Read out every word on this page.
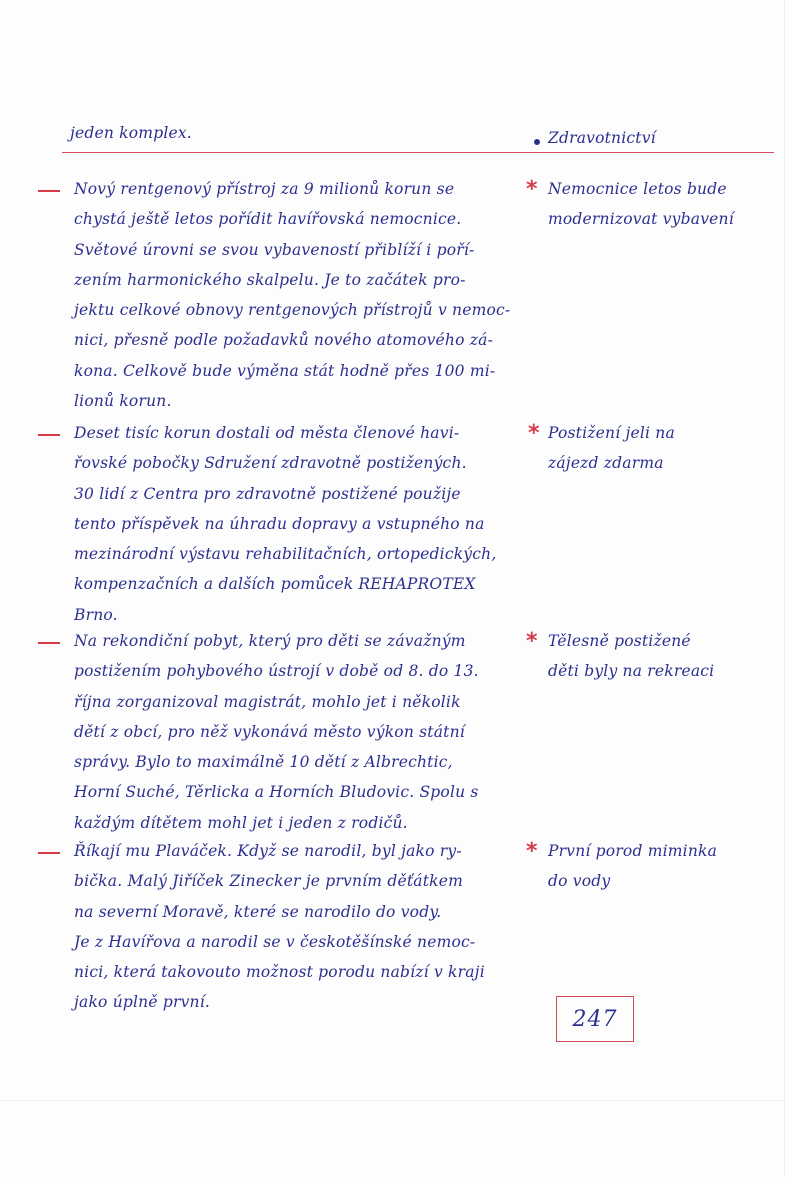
jeden komplex.	Zdravotnictví
Nový rentgenový přístroj za 9 milionů korun se
chystá ještě letos pořídit havířovská nemocnice.
Světové úrovni se svou vybaveností přiblíží i poří-
zením harmonického skalpelu. Je to začátek pro-
jektu celkové obnovy rentgenových přístrojů v nemoc-
nici, přesně podle požadavků nového atomového zá-
kona. Celkově bude výměna stát hodně přes 100 mi-
lionů korun.
* Nemocnice letos bude
modernizovat vybavení
Deset tisíc korun dostali od města členové havi-
řovské pobočky Sdružení zdravotně postižených.
30 lidí z Centra pro zdravotně postižené použije
tento příspěvek na úhradu dopravy a vstupného na
mezinárodní výstavu rehabilitačních, ortopedických,
kompenzačních a dalších pomůcek REHAPROTEX
Brno.
* Postižení jeli na
zájezd zdarma
Na rekondiční pobyt, který pro děti se závažným
postižením pohybového ústrojí v době od 8. do 13.
října zorganizoval magistrát, mohlo jet i několik
dětí z obcí, pro něž vykonává město výkon státní
správy. Bylo to maximálně 10 dětí z Albrechtic,
Horní Suché, Těrlicka a Horních Bludovic. Spolu s
každým dítětem mohl jet i jeden z rodičů.
* Tělesně postižené
děti byly na rekreaci
Říkají mu Plaváček. Když se narodil, byl jako ry-
bička. Malý Jiříček Zinecker je prvním děťátkem
na severní Moravě, které se narodilo do vody.
Je z Havířova a narodil se v českotěšínské nemoc-
nici, která takovouto možnost porodu nabízí v kraji
jako úplně první.
* První porod miminka
do vody
247
